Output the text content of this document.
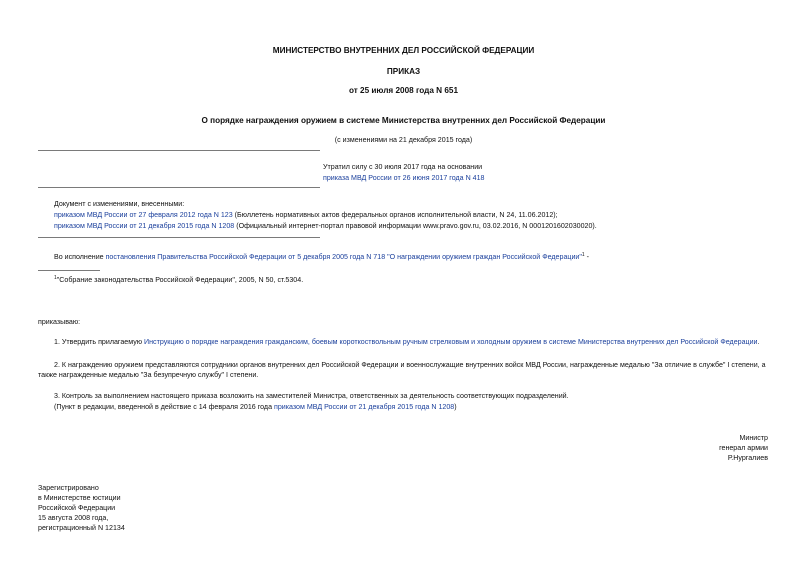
МИНИСТЕРСТВО ВНУТРЕННИХ ДЕЛ РОССИЙСКОЙ ФЕДЕРАЦИИ
ПРИКАЗ
от 25 июля 2008 года N 651
О порядке награждения оружием в системе Министерства внутренних дел Российской Федерации
(с изменениями на 21 декабря 2015 года)
Утратил силу с 30 июля 2017 года на основании
приказа МВД России от 26 июня 2017 года N 418
Документ с изменениями, внесенными:
приказом МВД России от 27 февраля 2012 года N 123 (Бюллетень нормативных актов федеральных органов исполнительной власти, N 24, 11.06.2012);
приказом МВД России от 21 декабря 2015 года N 1208 (Официальный интернет-портал правовой информации www.pravo.gov.ru, 03.02.2016, N 0001201602030020).
Во исполнение постановления Правительства Российской Федерации от 5 декабря 2005 года N 718 "О награждении оружием граждан Российской Федерации"$^1$ -
$^1$"Собрание законодательства Российской Федерации", 2005, N 50, ст.5304.
приказываю:
1. Утвердить прилагаемую Инструкцию о порядке награждения гражданским, боевым короткоствольным ручным стрелковым и холодным оружием в системе Министерства внутренних дел Российской Федерации.
2. К награждению оружием представляются сотрудники органов внутренних дел Российской Федерации и военнослужащие внутренних войск МВД России, награжденные медалью "За отличие в службе" I степени, а
также награжденные медалью "За безупречную службу" I степени.
3. Контроль за выполнением настоящего приказа возложить на заместителей Министра, ответственных за деятельность соответствующих подразделений.
(Пункт в редакции, введенной в действие с 14 февраля 2016 года приказом МВД России от 21 декабря 2015 года N 1208)
Министр
генерал армии
Р.Нургалиев
Зарегистрировано
в Министерстве юстиции
Российской Федерации
15 августа 2008 года,
регистрационный N 12134
